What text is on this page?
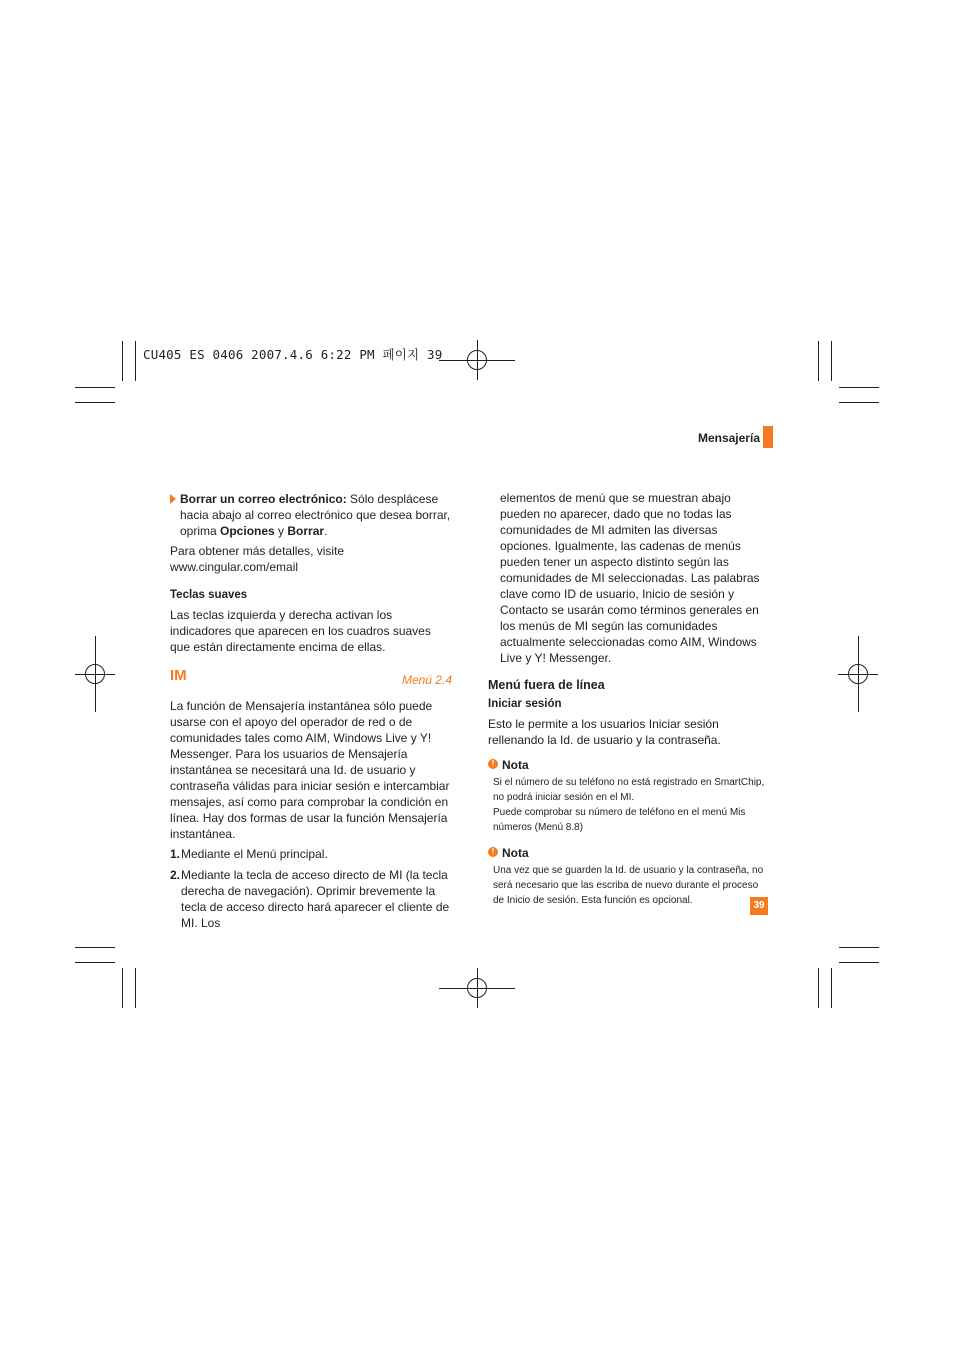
CU405 ES 0406 2007.4.6 6:22 PM 페이지 39
Mensajería

Borrar un correo electrónico: Sólo desplácese hacia abajo al correo electrónico que desea borrar, oprima Opciones y Borrar.

Para obtener más detalles, visite www.cingular.com/email

Teclas suaves

Las teclas izquierda y derecha activan los indicadores que aparecen en los cuadros suaves que están directamente encima de ellas.

IM	Menú 2.4

La función de Mensajería instantánea sólo puede usarse con el apoyo del operador de red o de comunidades tales como AIM, Windows Live y Y! Messenger. Para los usuarios de Mensajería instantánea se necesitará una Id. de usuario y contraseña válidas para iniciar sesión e intercambiar mensajes, así como para comprobar la condición en línea. Hay dos formas de usar la función Mensajería instantánea.

1. Mediante el Menú principal.

2. Mediante la tecla de acceso directo de MI (la tecla derecha de navegación). Oprimir brevemente la tecla de acceso directo hará aparecer el cliente de MI. Los

elementos de menú que se muestran abajo pueden no aparecer, dado que no todas las comunidades de MI admiten las diversas opciones. Igualmente, las cadenas de menús pueden tener un aspecto distinto según las comunidades de MI seleccionadas. Las palabras clave como ID de usuario, Inicio de sesión y Contacto se usarán como términos generales en los menús de MI según las comunidades actualmente seleccionadas como AIM, Windows Live y Y! Messenger.

Menú fuera de línea

Iniciar sesión

Esto le permite a los usuarios Iniciar sesión rellenando la Id. de usuario y la contraseña.

! Nota

Si el número de su teléfono no está registrado en SmartChip, no podrá iniciar sesión en el MI.

Puede comprobar su número de teléfono en el menú Mis números (Menú 8.8)

! Nota

Una vez que se guarden la Id. de usuario y la contraseña, no será necesario que las escriba de nuevo durante el proceso de Inicio de sesión. Esta función es opcional.	39
